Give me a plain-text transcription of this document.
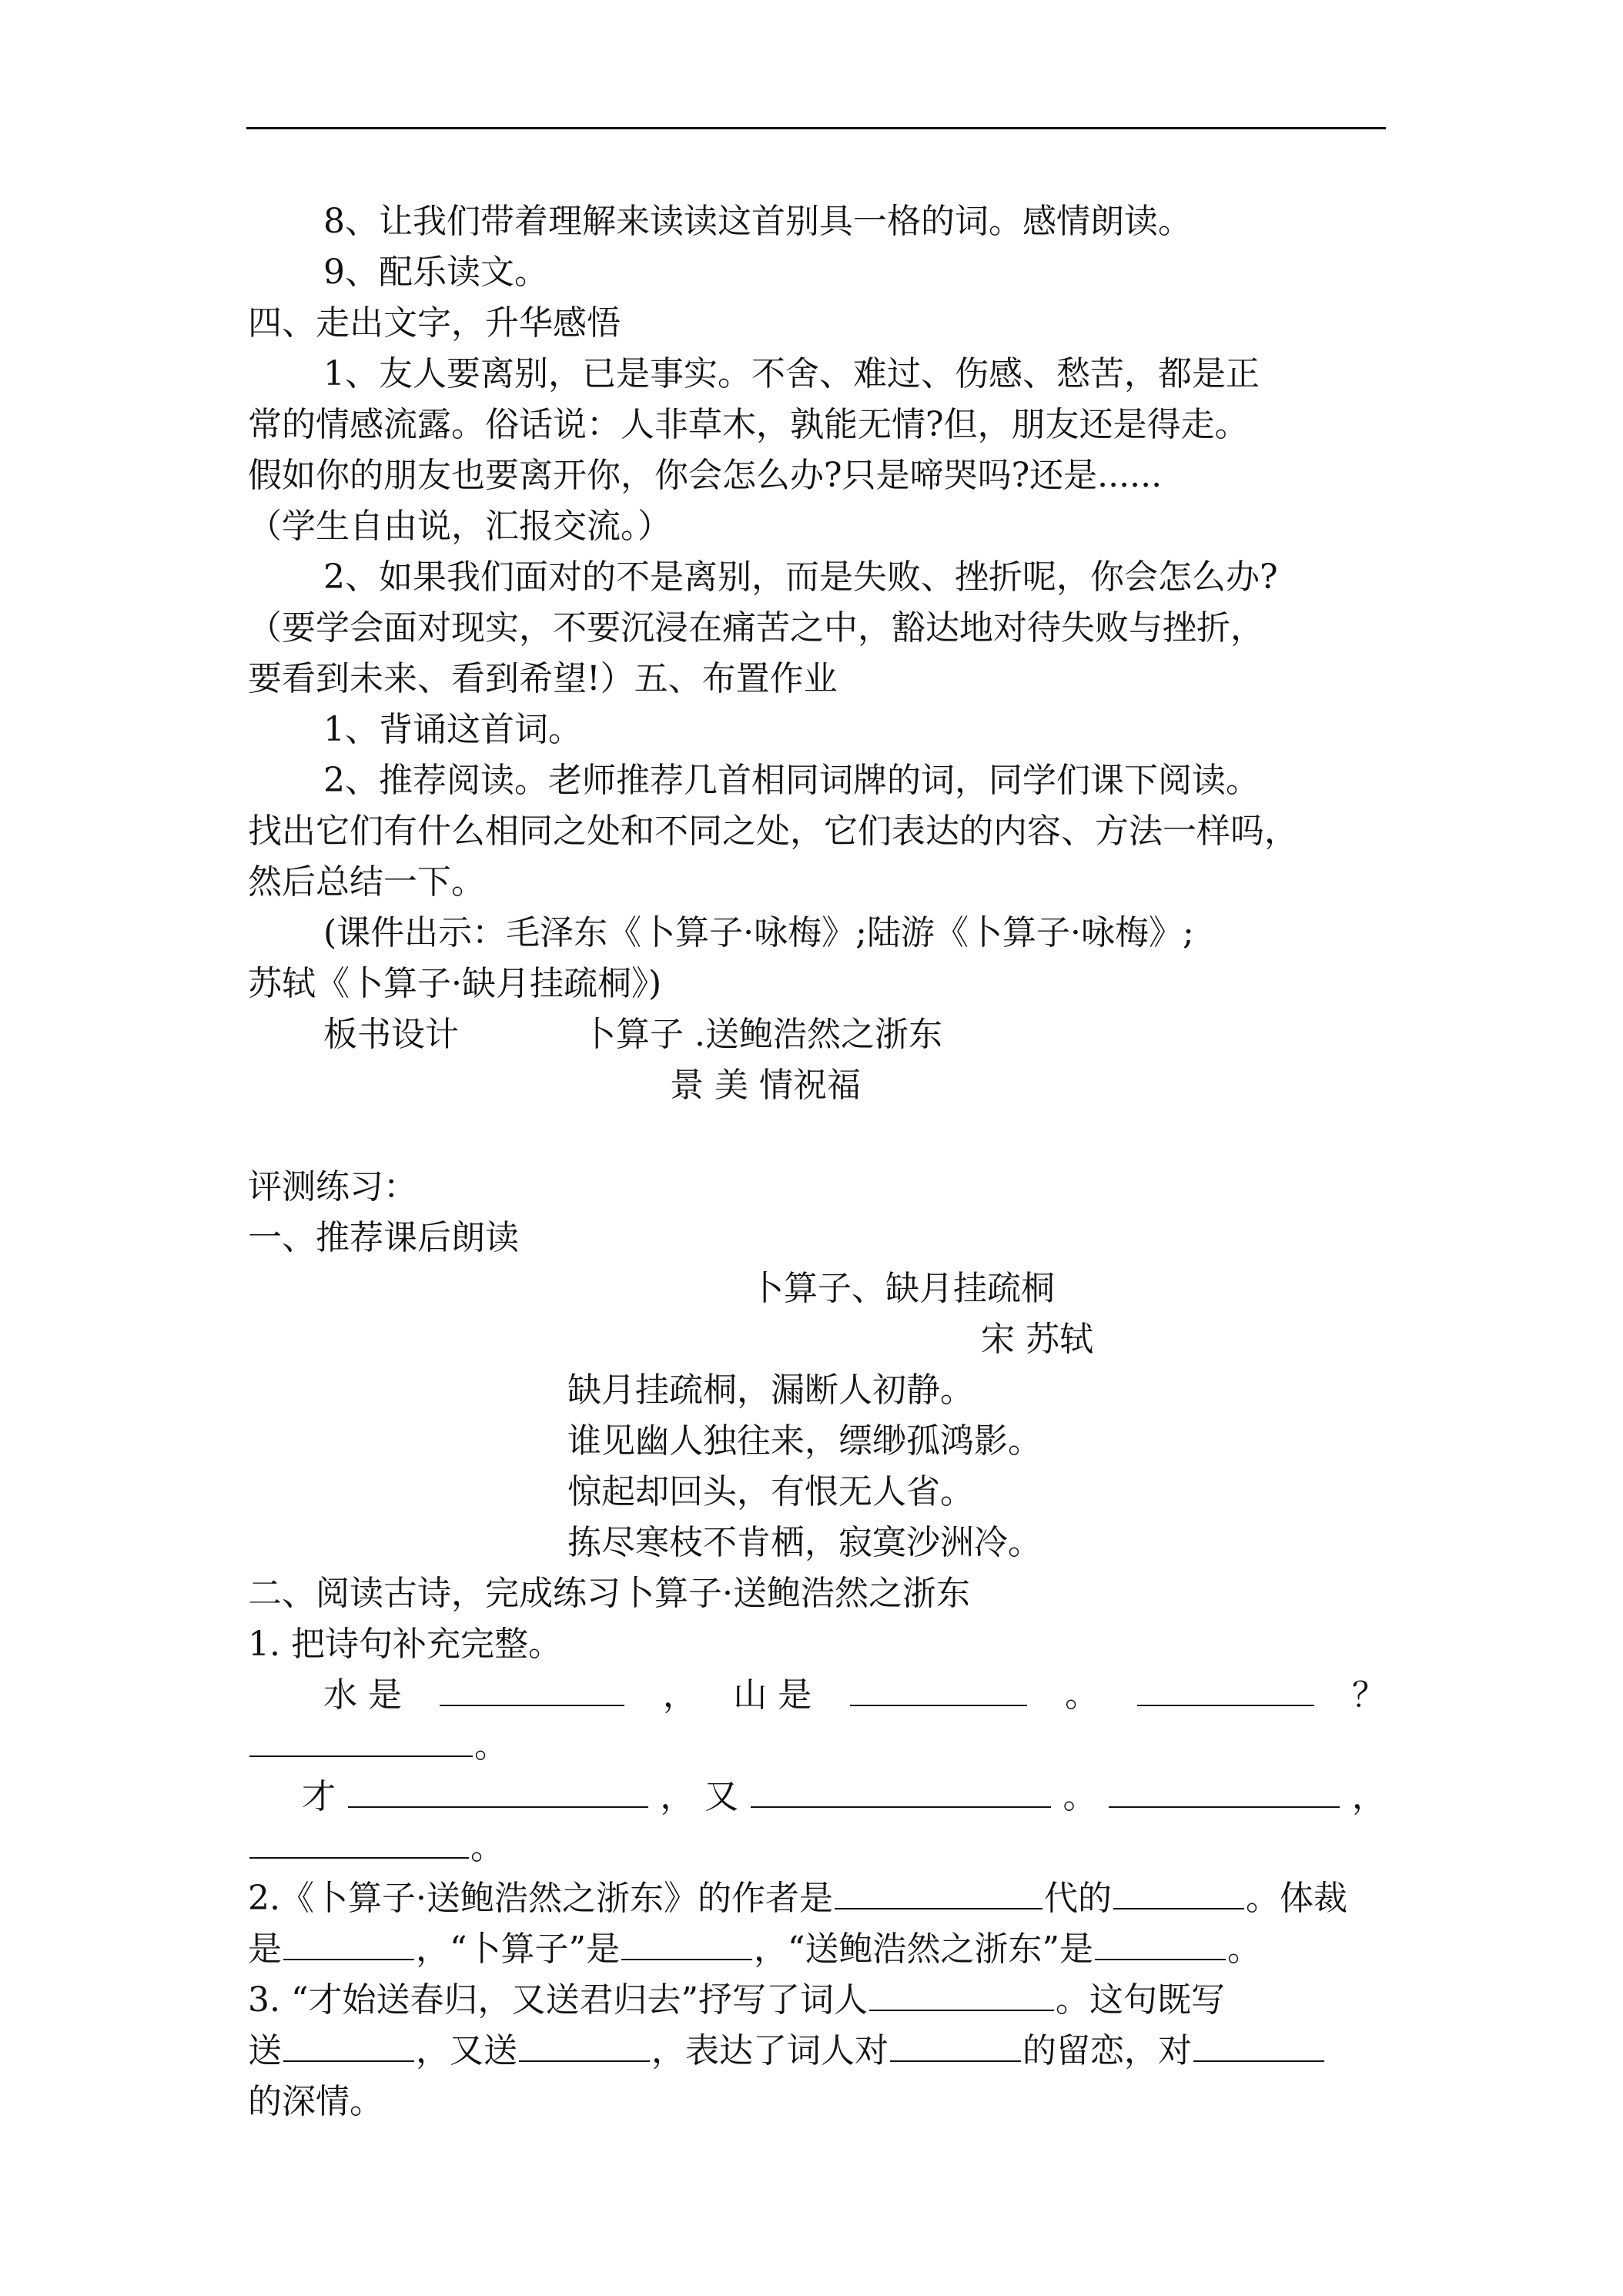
8、让我们带着理解来读读这首别具一格的词。感情朗读。

9、配乐读文。

四、走出文字，升华感悟

1、友人要离别，已是事实。不舍、难过、伤感、愁苦，都是正

常的情感流露。俗话说：人非草木，孰能无情?但，朋友还是得走。

假如你的朋友也要离开你，你会怎么办?只是啼哭吗?还是......

（学生自由说，汇报交流。）

2、如果我们面对的不是离别，而是失败、挫折呢，你会怎么办?

（要学会面对现实，不要沉浸在痛苦之中，豁达地对待失败与挫折，

要看到未来、看到希望!）五、布置作业

1、背诵这首词。

2、推荐阅读。老师推荐几首相同词牌的词，同学们课下阅读。

找出它们有什么相同之处和不同之处，它们表达的内容、方法一样吗，

然后总结一下。

(课件出示：毛泽东《卜算子·咏梅》;陆游《卜算子·咏梅》;

苏轼《卜算子·缺月挂疏桐》)

板书设计	卜算子 .送鲍浩然之浙东
景 美 情祝福

评测练习：

一、推荐课后朗读

卜算子、缺月挂疏桐

宋 苏轼

缺月挂疏桐，漏断人初静。

谁见幽人独往来，缥缈孤鸿影。

惊起却回头，有恨无人省。

拣尽寒枝不肯栖，寂寞沙洲冷。

二、阅读古诗，完成练习卜算子·送鲍浩然之浙东

1. 把诗句补充完整。

水 是	， 山 是	。	？
。
才	， 又	。	，
。
2.《卜算子·送鲍浩然之浙东》的作者是	代的	。体裁
是	，“卜算子”是	，“送鲍浩然之浙东”是	。
3. “才始送春归，又送君归去”抒写了词人	。这句既写
送	，又送	，表达了词人对	的留恋，对
的深情。
